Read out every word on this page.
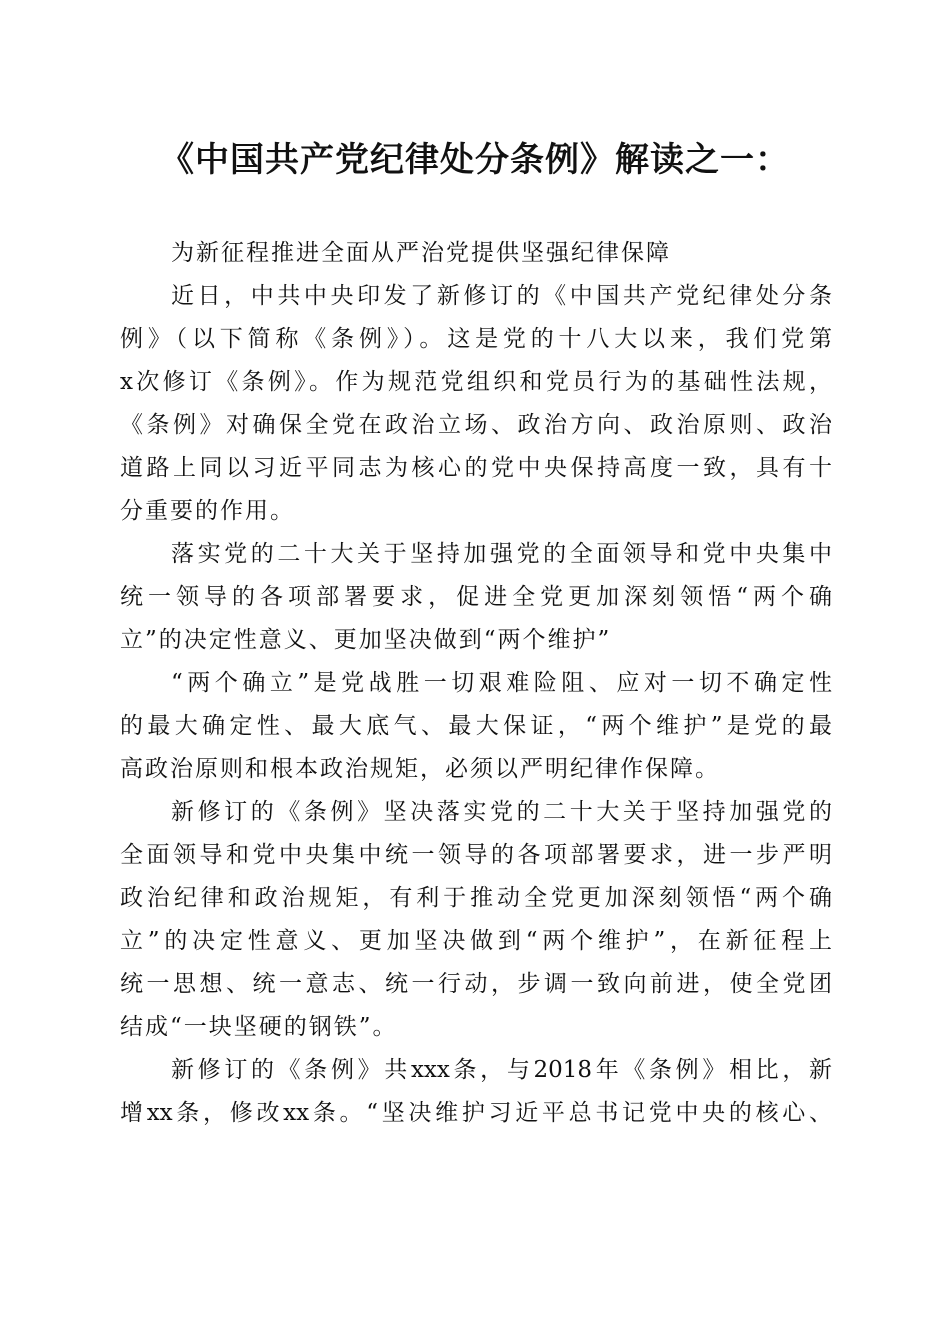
《中国共产党纪律处分条例》解读之一：

为新征程推进全面从严治党提供坚强纪律保障

近日，中共中央印发了新修订的《中国共产党纪律处分条
例》（以下简称《条例》）。这是党的十八大以来，我们党第
x次修订《条例》。作为规范党组织和党员行为的基础性法规，
《条例》对确保全党在政治立场、政治方向、政治原则、政治
道路上同以习近平同志为核心的党中央保持高度一致，具有十
分重要的作用。

落实党的二十大关于坚持加强党的全面领导和党中央集中
统一领导的各项部署要求，促进全党更加深刻领悟“两个确
立”的决定性意义、更加坚决做到“两个维护”

“两个确立”是党战胜一切艰难险阻、应对一切不确定性
的最大确定性、最大底气、最大保证，“两个维护”是党的最
高政治原则和根本政治规矩，必须以严明纪律作保障。

新修订的《条例》坚决落实党的二十大关于坚持加强党的
全面领导和党中央集中统一领导的各项部署要求，进一步严明
政治纪律和政治规矩，有利于推动全党更加深刻领悟“两个确
立”的决定性意义、更加坚决做到“两个维护”，在新征程上
统一思想、统一意志、统一行动，步调一致向前进，使全党团
结成“一块坚硬的钢铁”。

新修订的《条例》共xxx条，与2018年《条例》相比，新
增xx条，修改xx条。“坚决维护习近平总书记党中央的核心、
